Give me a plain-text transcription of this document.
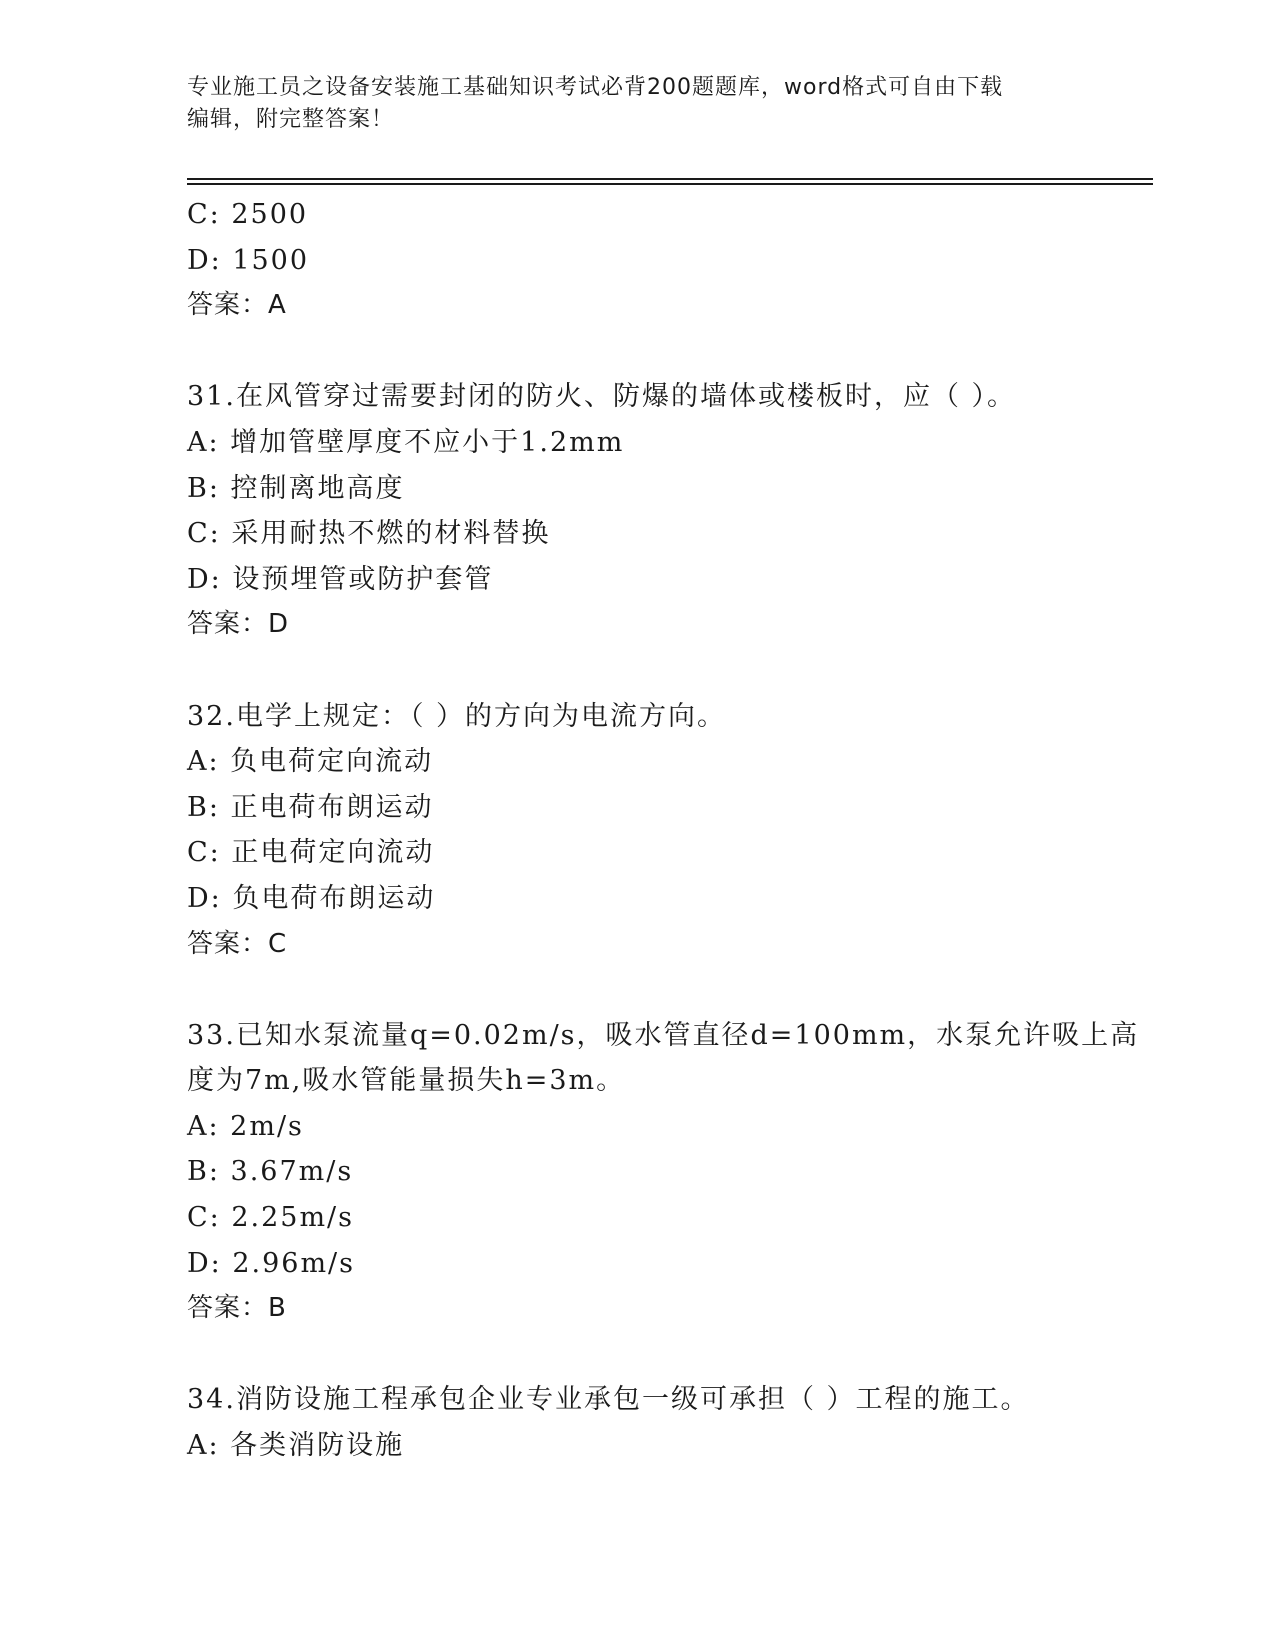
专业施工员之设备安装施工基础知识考试必背200题题库，word格式可自由下载
编辑，附完整答案！
C: 2500
D: 1500
答案：A
31.在风管穿过需要封闭的防火、防爆的墙体或楼板时，应（ ）。
A: 增加管壁厚度不应小于1.2mm
B: 控制离地高度
C: 采用耐热不燃的材料替换
D: 设预埋管或防护套管
答案：D
32.电学上规定：（ ）的方向为电流方向。
A: 负电荷定向流动
B: 正电荷布朗运动
C: 正电荷定向流动
D: 负电荷布朗运动
答案：C
33.已知水泵流量q=0.02m/s，吸水管直径d=100mm，水泵允许吸上高
度为7m,吸水管能量损失h=3m。
A: 2m/s
B: 3.67m/s
C: 2.25m/s
D: 2.96m/s
答案：B
34.消防设施工程承包企业专业承包一级可承担（ ）工程的施工。
A: 各类消防设施
